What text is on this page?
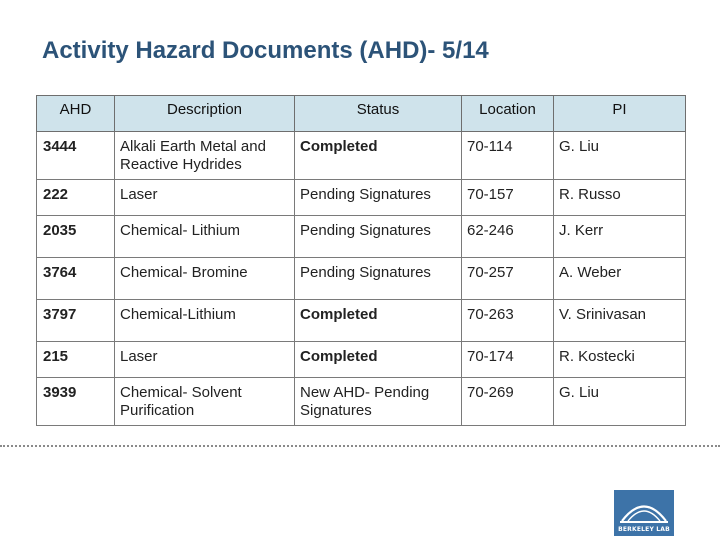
Activity Hazard Documents (AHD)- 5/14
AHD	Description	Status	Location	PI
3444	Alkali Earth Metal and Reactive Hydrides	Completed	70-114	G. Liu
222	Laser	Pending Signatures	70-157	R. Russo
2035	Chemical- Lithium	Pending Signatures	62-246	J. Kerr
3764	Chemical- Bromine	Pending Signatures	70-257	A. Weber
3797	Chemical-Lithium	Completed	70-263	V. Srinivasan
215	Laser	Completed	70-174	R. Kostecki
3939	Chemical- Solvent Purification	New AHD- Pending Signatures	70-269	G. Liu
BERKELEY LAB
